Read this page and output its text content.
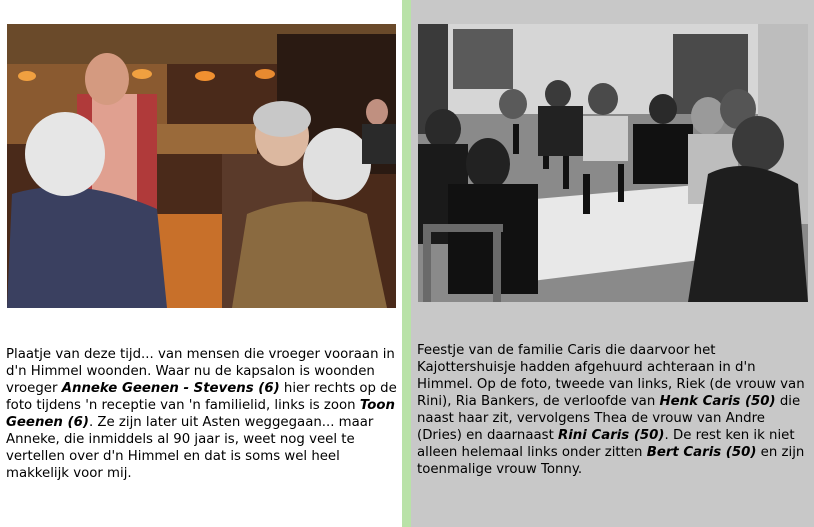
Plaatje van deze tijd... van mensen die vroeger vooraan in d'n Himmel woonden. Waar nu de kapsalon is woonden vroeger Anneke Geenen - Stevens (6) hier rechts op de foto tijdens 'n receptie van 'n familielid, links is zoon Toon Geenen (6). Ze zijn later uit Asten weggegaan... maar Anneke, die inmiddels al 90 jaar is, weet nog veel te vertellen over d'n Himmel en dat is soms wel heel makkelijk voor mij.

Feestje van de familie Caris die daarvoor het Kajottershuisje hadden afgehuurd achteraan in d'n Himmel. Op de foto, tweede van links, Riek (de vrouw van Rini), Ria Bankers, de verloofde van Henk Caris (50) die naast haar zit, vervolgens Thea de vrouw van Andre (Dries) en daarnaast Rini Caris (50). De rest ken ik niet alleen helemaal links onder zitten Bert Caris (50) en zijn toenmalige vrouw Tonny.
